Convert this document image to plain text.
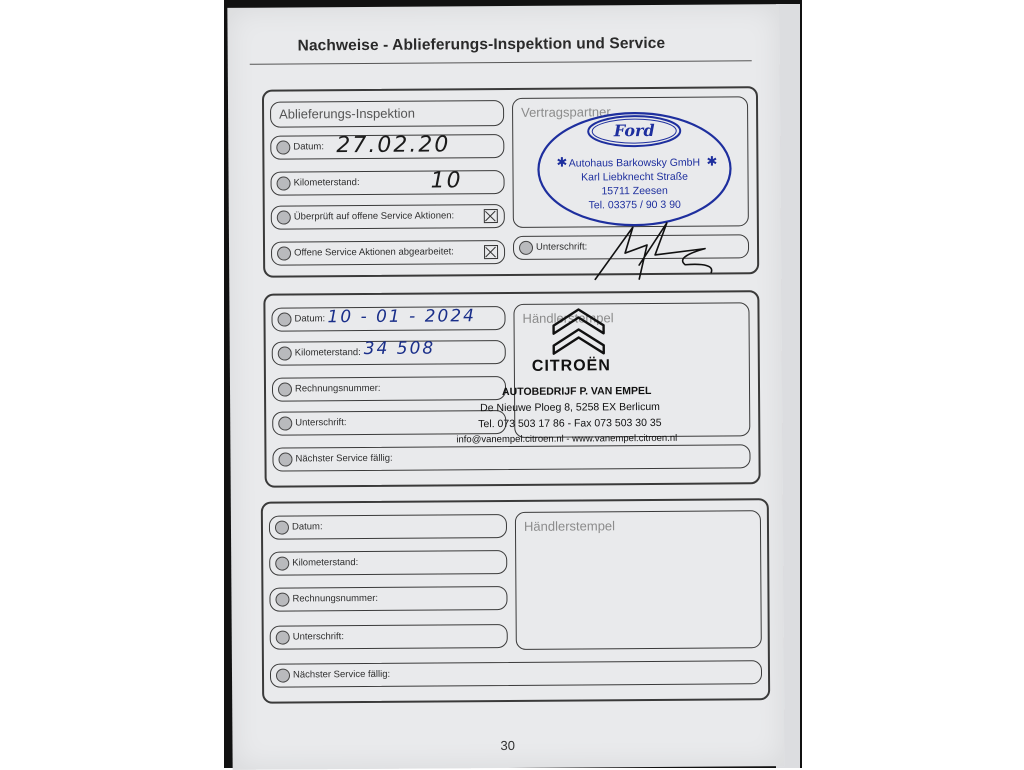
Nachweise - Ablieferungs-Inspektion und Service
Ablieferungs-Inspektion
Datum: 27.02.20
Kilometerstand:	10
Überprüft auf offene Service Aktionen:
Offene Service Aktionen abgearbeitet:
Vertragspartner
Unterschrift:
✱	✱
Ford
Autohaus Barkowsky GmbH
Karl Liebknecht Straße
15711 Zeesen
Tel. 03375 / 90 3 90
Datum: 10 - 01 - 2024
Kilometerstand: 34 508
Rechnungsnummer:
Unterschrift:
Nächster Service fällig:
Händlerstempel
CITROËN
AUTOBEDRIJF P. VAN EMPEL
De Nieuwe Ploeg 8, 5258 EX Berlicum
Tel. 073 503 17 86 - Fax 073 503 30 35
info@vanempel.citroen.nl - www.vanempel.citroen.nl
Datum:
Kilometerstand:
Rechnungsnummer:
Unterschrift:
Nächster Service fällig:
Händlerstempel
30
